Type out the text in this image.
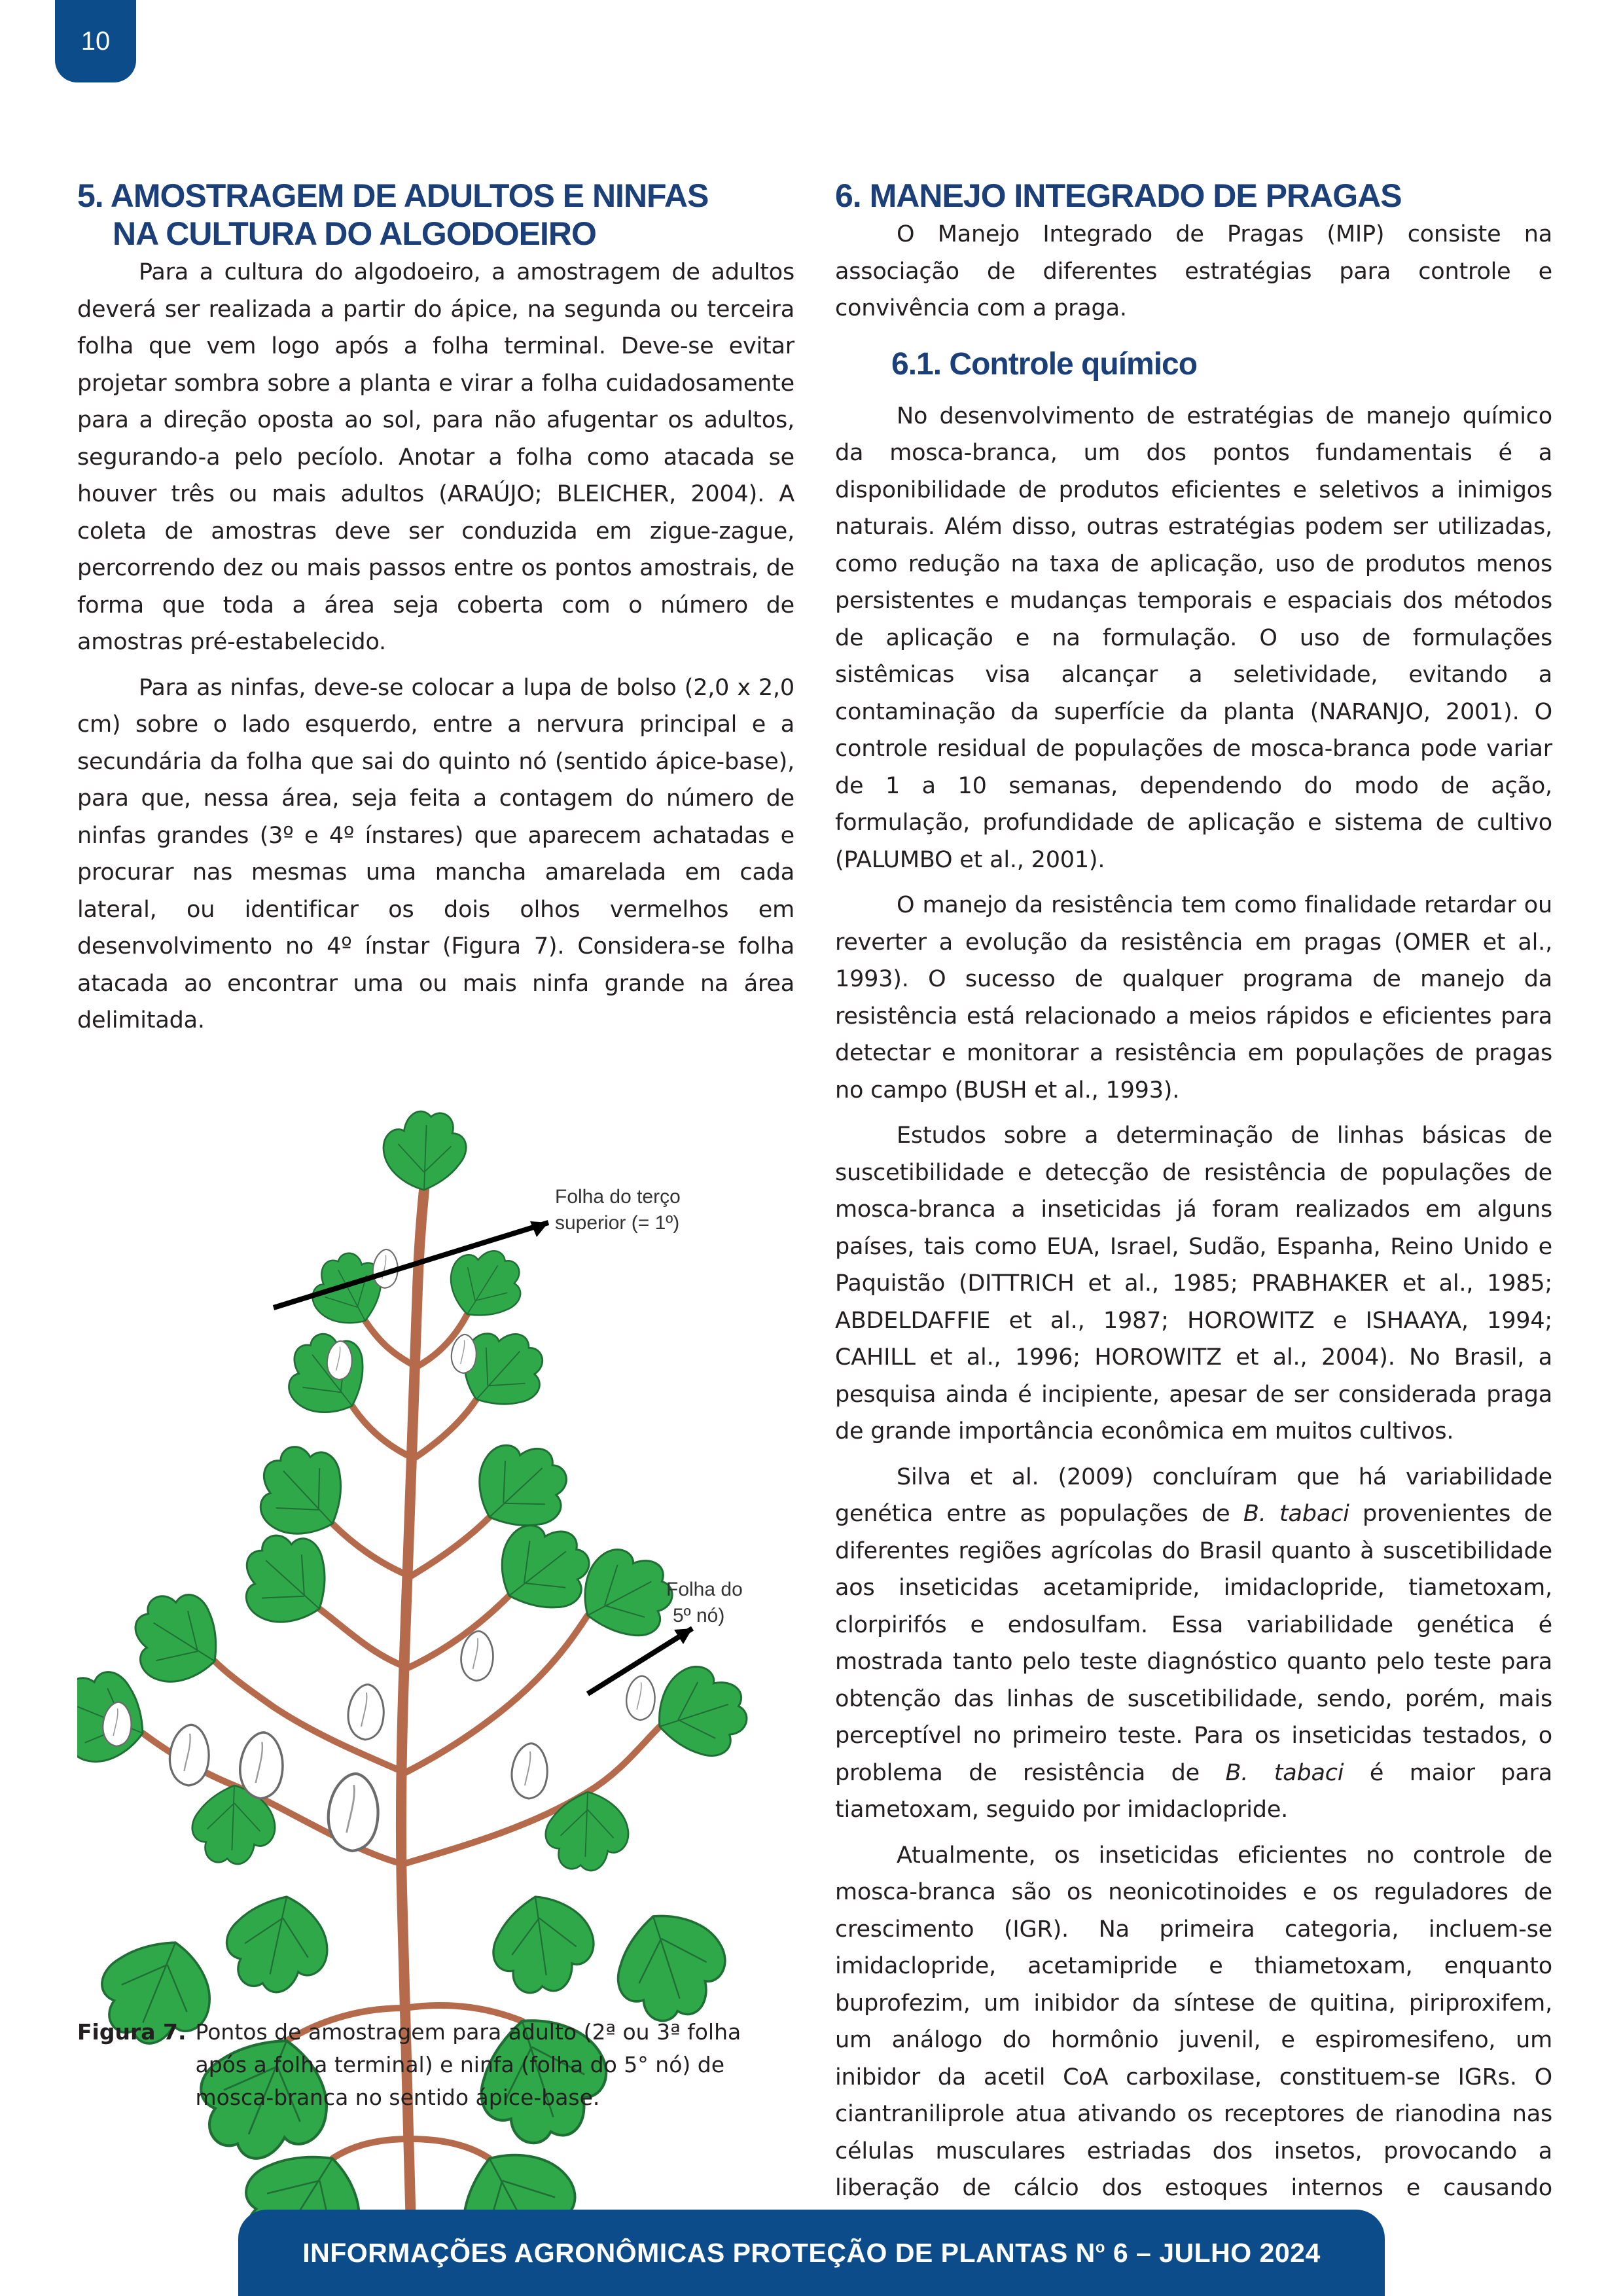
10
5. AMOSTRAGEM DE ADULTOS E NINFAS
NA CULTURA DO ALGODOEIRO

Para a cultura do algodoeiro, a amostragem de adultos deverá ser realizada a partir do ápice, na segunda ou terceira folha que vem logo após a folha terminal. Deve-se evitar projetar sombra sobre a planta e virar a folha cuidadosamente para a direção oposta ao sol, para não afugentar os adultos, segurando-a pelo pecíolo. Anotar a folha como atacada se houver três ou mais adultos (ARAÚJO; BLEICHER, 2004). A coleta de amostras deve ser conduzida em zigue-zague, percorrendo dez ou mais passos entre os pontos amostrais, de forma que toda a área seja coberta com o número de amostras pré-estabelecido.

Para as ninfas, deve-se colocar a lupa de bolso (2,0 x 2,0 cm) sobre o lado esquerdo, entre a nervura principal e a secundária da folha que sai do quinto nó (sentido ápice-base), para que, nessa área, seja feita a contagem do número de ninfas grandes (3º e 4º ínstares) que aparecem achatadas e procurar nas mesmas uma mancha amarelada em cada lateral, ou identificar os dois olhos vermelhos em desenvolvimento no 4º ínstar (Figura 7). Considera-se folha atacada ao encontrar uma ou mais ninfa grande na área delimitada.

Folha do terço
superior (= 1º)
Folha do
5º nó)
Figura 7. Pontos de amostragem para adulto (2ª ou 3ª folha após a folha terminal) e ninfa (folha do 5° nó) de mosca-branca no sentido ápice-base.
6. MANEJO INTEGRADO DE PRAGAS

O Manejo Integrado de Pragas (MIP) consiste na associação de diferentes estratégias para controle e convivência com a praga.

6.1. Controle químico

No desenvolvimento de estratégias de manejo químico da mosca-branca, um dos pontos fundamentais é a disponibilidade de produtos eficientes e seletivos a inimigos naturais. Além disso, outras estratégias podem ser utilizadas, como redução na taxa de aplicação, uso de produtos menos persistentes e mudanças temporais e espaciais dos métodos de aplicação e na formulação. O uso de formulações sistêmicas visa alcançar a seletividade, evitando a contaminação da superfície da planta (NARANJO, 2001). O controle residual de populações de mosca-branca pode variar de 1 a 10 semanas, dependendo do modo de ação, formulação, profundidade de aplicação e sistema de cultivo (PALUMBO et al., 2001).

O manejo da resistência tem como finalidade retardar ou reverter a evolução da resistência em pragas (OMER et al., 1993). O sucesso de qualquer programa de manejo da resistência está relacionado a meios rápidos e eficientes para detectar e monitorar a resistência em populações de pragas no campo (BUSH et al., 1993).

Estudos sobre a determinação de linhas básicas de suscetibilidade e detecção de resistência de populações de mosca-branca a inseticidas já foram realizados em alguns países, tais como EUA, Israel, Sudão, Espanha, Reino Unido e Paquistão (DITTRICH et al., 1985; PRABHAKER et al., 1985; ABDELDAFFIE et al., 1987; HOROWITZ e ISHAAYA, 1994; CAHILL et al., 1996; HOROWITZ et al., 2004). No Brasil, a pesquisa ainda é incipiente, apesar de ser considerada praga de grande importância econômica em muitos cultivos.

Silva et al. (2009) concluíram que há variabilidade genética entre as populações de B. tabaci provenientes de diferentes regiões agrícolas do Brasil quanto à suscetibilidade aos inseticidas acetamipride, imidaclopride, tiametoxam, clorpirifós e endosulfam. Essa variabilidade genética é mostrada tanto pelo teste diagnóstico quanto pelo teste para obtenção das linhas de suscetibilidade, sendo, porém, mais perceptível no primeiro teste. Para os inseticidas testados, o problema de resistência de B. tabaci é maior para tiametoxam, seguido por imidaclopride.

Atualmente, os inseticidas eficientes no controle de mosca-branca são os neonicotinoides e os reguladores de crescimento (IGR). Na primeira categoria, incluem-se imidaclopride, acetamipride e thiametoxam, enquanto buprofezim, um inibidor da síntese de quitina, piriproxifem, um análogo do hormônio juvenil, e espiromesifeno, um inibidor da acetil CoA carboxilase, constituem-se IGRs. O ciantraniliprole atua ativando os receptores de rianodina nas células musculares estriadas dos insetos, provocando a liberação de cálcio dos estoques internos e causando

INFORMAÇÕES AGRONÔMICAS PROTEÇÃO DE PLANTAS $N^o$ 6 – JULHO 2024
